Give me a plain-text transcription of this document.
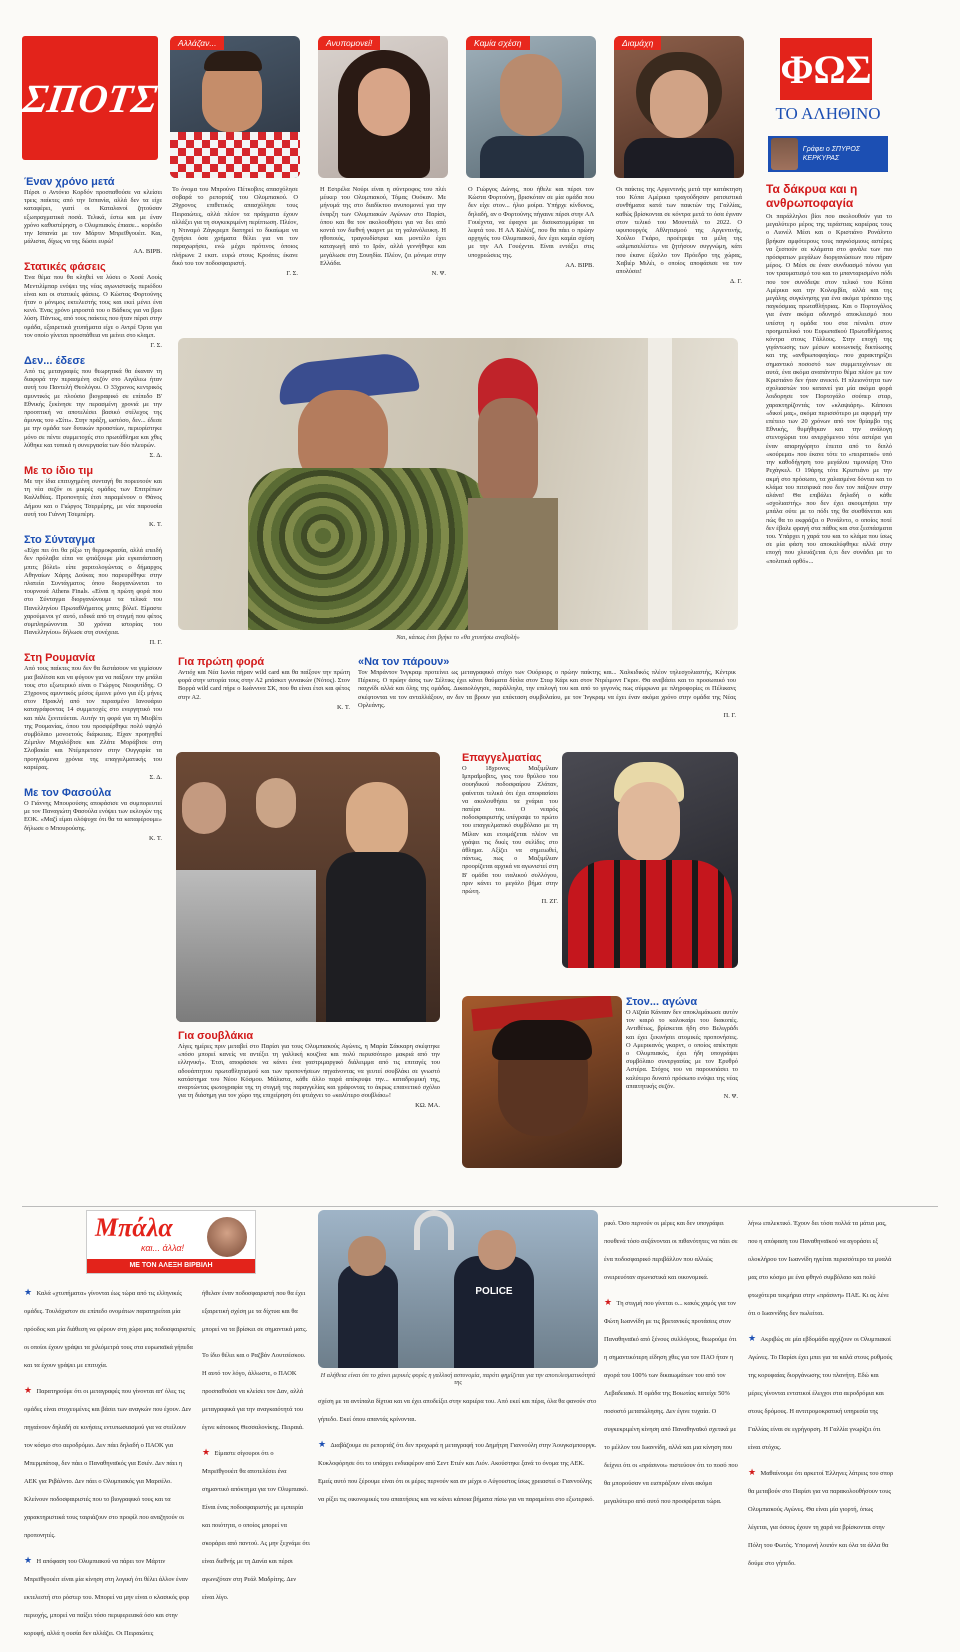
ΣΠΟΤΣ
Αλλάζαν...	Ανυπομονεί!	Καμία σχέση	Διαμάχη
ΦΩΣ
ΤΟ ΑΛΗΘΙΝΟ
Γράφει ο ΣΠΥΡΟΣ ΚΕΡΚΥΡΑΣ
Το όνομα του Μπρούνο Πέτκοβιτς απασχόλησε σοβαρά το ρεπορτάζ του Ολυμπιακού. Ο 29χρονος επιθετικός απασχόλησε τους Πειραιώτες, αλλά πλέον τα πράγματα έχουν αλλάξει για τη συγκεκριμένη περίπτωση. Πλέον, η Ντιναμό Ζάγκρεμπ διατηρεί το δικαίωμα να ζητήσει όσα χρήματα θέλει για να τον παραχωρήσει, ενώ μέχρι πρότινος όποιος πλήρωνε 2 εκατ. ευρώ στους Κροάτες έκανε δικό του τον ποδοσφαιριστή.
Γ. Σ.
Η Εστρέλα Νούρι είναι η σύντροφος του πλέι μέικερ του Ολυμπιακού, Τόμας Ουόκαν. Με μήνυμά της στο διαδίκτυο ανυπομονεί για την έναρξη των Ολυμπιακών Αγώνων στο Παρίσι, όπου και θα τον ακολουθήσει για να δει από κοντά τον διεθνή γκαρντ με τη γαλανόλευκη. Η ηθοποιός, τραγουδίστρια και μοντέλο έχει καταγωγή από το Ιράν, αλλά γεννήθηκε και μεγάλωσε στη Σουηδία. Πλέον, ζει μόνιμα στην Ελλάδα.
Ν. Ψ.
Ο Γιώργος Δώνης, που ήθελε και πέρσι τον Κώστα Φορτούνη, βρισκόταν σε μία ομάδα που δεν είχε στον... ήλιο μοίρα. Υπήρχε κίνδυνος, δηλαδή, αν ο Φορτούνης πήγαινε πέρσι στην ΑΛ Γουέχντα, να έφαχνε με δισεκατομμύρια τα λεφτά του. Η ΑΛ Καλίτζ, που θα πάει ο πρώην αρχηγός του Ολυμπιακού, δεν έχει καμία σχέση με την ΑΛ Γουέχντα. Είναι εντάξει στις υποχρεώσεις της.
ΑΛ. ΒΙΡΒ.
Οι παίκτες της Αργεντινής μετά την κατάκτηση του Κόπα Αμέρικα τραγούδησαν ρατσιστικά συνθήματα κατά των παικτών της Γαλλίας, καθώς βρίσκονται σε κόντρα μετά το όσα έγιναν στον τελικό του Μουντιάλ το 2022. Ο υφυπουργός Αθλητισμού της Αργεντινής, Χούλιο Γκάρο, προέτρεψε τα μέλη της «αλμπισελέστε» να ζητήσουν συγγνώμη, κάτι που έκανε έξαλλο τον Πρόεδρο της χώρας, Χαβιέρ Μιλέι, ο οποίος αποφάσισε να τον απολύσει!
Δ. Γ.
Έναν χρόνο μετά
Πέρσι ο Αντόνιο Κορδόν προσπαθούσε να κλείσει τρεις παίκτες από την Ισπανία, αλλά δεν τα είχε καταφέρει, γιατί οι Καταλανοί ζητούσαν εξωπραγματικά ποσά. Τελικά, έστω και με έναν χρόνο καθυστέρηση, ο Ολυμπιακός έπιασε... κορόιδο την Ισπανία με τον Μάρτιν Μπρεϊθγουέιτ. Και, μάλιστα, δίχως να της δώσει ευρώ!
ΑΛ. ΒΙΡΒ.
Στατικές φάσεις
Ένα θέμα που θα κληθεί να λύσει ο Χοσέ Λουίς Μεντιλίμπαρ ενόψει της νέας αγωνιστικής περιόδου είναι και οι στατικές φάσεις. Ο Κώστας Φορτούνης ήταν ο μόνιμος εκτελεστής τους και εκεί μένει ένα κενό. Ένας χρόνο μπροστά του ο Βάδκος για να βρει λύση. Πάντως, από τους παίκτες που ήταν πέρσι στην ομάδα, εξαιρετικά χτυπήματα είχε ο Αντρέ Όρτα για τον οποίο γίνεται προσπάθεια να μείνει στο κλαμπ.
Γ. Σ.
Δεν... έδεσε
Από τις μεταγραφές που θεωρητικά θα έκαναν τη διαφορά την περασμένη σεζόν στο Αιγάλεω ήταν αυτή του Παντελή Θεολόγου. Ο 33χρονος κεντρικός αμυντικός με πλούσιο βιογραφικό σε επίπεδο Β' Εθνικής ξεκίνησε την περασμένη χρονιά με την προοπτική να αποτελέσει βασικό στέλεχος της άμυνας του «Σίτι». Στην πράξη, ωστόσο, δεν... έδεσε με την ομάδα των δυτικών προαστίων, περιορίστηκε μόνο σε πέντε συμμετοχές στο πρωτάθλημα και χθες λύθηκε και τυπικά η συνεργασία των δύο πλευρών.
Σ. Δ.
Με το ίδιο τιμ
Με την ίδια επιτυχημένη συνταγή θα πορευτούν και τη νέα σεζόν οι μικρές ομάδες των Επιτρέπων Καλλιθέας. Προπονητές έτσι παραμένουν ο Θάνος Δήμου και ο Γιώργος Τσερμέρης, με νέα παρουσία αυτή του Γιάννη Τσεμπέρη.
Κ. Τ.
Στο Σύνταγμα
«Είχα πει ότι θα ρίξω τη θερμοκρασία, αλλά επειδή δεν πρόλαβα είπα να φτιάξουμε μία εγκατάσταση μπιτς βόλεϊ» είπε χαριτολογώντας ο δήμαρχος Αθηναίων Χάρης Δούκας που παρευρέθηκε στην πλατεία Συντάγματος όπου διοργανώνεται το τουρνουά Athens Finals. «Είναι η πρώτη φορά που στο Σύνταγμα διοργανώνουμε τα τελικά του Πανελληνίου Πρωταθλήματος μπιτς βόλεϊ. Είμαστε χαρούμενοι γι' αυτό, ειδικά από τη στιγμή που φέτος συμπληρώνονται 30 χρόνια ιστορίας του Πανελληνίου» δήλωσε στη συνέχεια.
Π. Γ.
Στη Ρουμανία
Από τους παίκτες που δεν θα διστάσουν να γεμίσουν μια βαλίτσα και να φύγουν για να παίξουν την μπάλα τους στο εξωτερικό είναι ο Γιώργος Νεοφυτίδης. Ο 23χρονος αμυντικός μέσος έμεινε μόνο για έξι μήνες στον Ηρακλή από τον περασμένο Ιανουάριο καταγράφοντας 14 συμμετοχές στο ενεργητικό του και πάλι ξενιτεύεται. Αυτήν τη φορά για τη Μιοβέτι της Ρουμανίας, όπου του προσφέρθηκε πολύ υψηλό συμβόλαιο μονοετούς διάρκειας. Είχαν προηγηθεί Ζέμπλιν Μιχαλόβτσε και Ζλάτε Μοράβτσε στη Σλοβακία και Ντέμπρετσεν στην Ουγγαρία τα προηγούμενα χρόνια της επαγγελματικής του καριέρας.
Σ. Δ.
Με τον Φασούλα
Ο Γιάννης Μπουρούσης αποφάσισε να συμπορευτεί με τον Παναγιώτη Φασούλα ενόψει των εκλογών της ΕΟΚ. «Μαζί είμαι ολόψυχα ότι θα τα καταφέρουμε» δήλωσε ο Μπουρούσης.
Κ. Τ.
Ναι, κάπως έτσι βγήκε το «θα χτυπήσω αναβολή»
Για πρώτη φορά
Αντιόχ και Νέα Ιωνία πήραν wild card και θα παίξουν την πρώτη φορά στην ιστορία τους στην Α2 μπάσκετ γυναικών (Νότος). Στον Βορρά wild card πήρε ο Ιωάννινα ΣΚ, που θα είναι έτσι και φέτος στην Α2.
Κ. Τ.
«Να τον πάρουν»
Τον Μπράντον Ίνγκραμ προτείνει ως μεταγραφικό στόχο των Ουόριορς ο πρώην παίκτης και... Χαλκιδικός πλέον τηλεσχολιαστής, Κέντρικ Πέρκινς. Ο πρώην άσος των Σέλτικς έχει κάνει θαύματα δίπλα στον Στεφ Κάρι και στον Ντρέιμοντ Γκριν. Θα ανεβάσει και το προσωπικό του παιχνίδι αλλά και όλης της ομάδας. Δικαιολόγησε, παράλληλα, την επιλογή του και από το γεγονός πως σύμφωνα με πληροφορίες οι Πέλικανς σκέφτονται να τον ανταλλάξουν, αν δεν τα βρουν για επέκταση συμβολαίου, με τον Ίνγκραμ να έχει έναν ακόμα χρόνο στην ομάδα της Νέας Ορλεάνης.
Π. Γ.
Επαγγελματίας
Ο 18χρονος Μαξιμίλιαν Ιμπραΐμοβιτς, γιος του θρύλου του σουηδικού ποδοσφαίρου Ζλάταν, φαίνεται τελικά ότι έχει αποφασίσει να ακολουθήσει τα χνάρια του πατέρα του. Ο νεαρός ποδοσφαιριστής υπέγραψε το πρώτο του επαγγελματικό συμβόλαιο με τη Μίλαν και ετοιμάζεται πλέον να γράψει τις δικές του σελίδες στο άθλημα. Αξίζει να σημειωθεί, πάντως, πως ο Μαξιμίλιαν προορίζεται αρχικά να αγωνιστεί στη Β' ομάδα του ιταλικού συλλόγου, πριν κάνει το μεγάλο βήμα στην πρώτη.
Π. ΖΓ.
Για σουβλάκια
Λίγες ημέρες πριν μεταβεί στο Παρίσι για τους Ολυμπιακούς Αγώνες, η Μαρία Σάκκαρη σκέφτηκε «πόσο μπορεί κανείς να αντέξει τη γαλλική κουζίνα και πολύ περισσότερο μακριά από την ελληνική». Έτσι, αποφάσισε να κάνει ένα γαστριμαργικό διάλειμμα από τις επιταγές του αδουάπτητου πρωταθλητισμού και των προπονήσεων πηγαίνοντας να γευτεί σουβλάκι σε γνωστό κατάστημα του Νέου Κόσμου. Μάλιστα, κάθε άλλο παρά απέκρυψε την... καταδρομική της, αναρτώντας φωτογραφία της τη στιγμή της παραγγελίας και γράφοντας το άκρως επαινετικό σχόλιο για τη διάσημη για τον χώρο της επιχείρηση ότι φτιάχνει το «καλύτερο σουβλάκι»!
ΚΩ. ΜΑ.
Στον... αγώνα
Ο Αϊζαία Κάνααν δεν αποκλιμάκωσε αυτόν τον καιρό το καλοκαίρι του διακοπές. Αντιθέτως, βρίσκεται ήδη στο Βελιγράδι και έχει ξεκινήσει ατομικές προπονήσεις. Ο Αμερικανός γκαρντ, ο οποίος απέκτησε ο Ολυμπιακός, έχει ήδη υπογράψει συμβόλαιο συνεργασίας με τον Ερυθρό Αστέρα. Στόχος του να παρουσιάσει το καλύτερο δυνατό πρόσωπο ενόψει της νέας απαιτητικής σεζόν.
Ν. Ψ.
Τα δάκρυα και η ανθρωποφαγία
Οι παράλληλοι βίοι που ακολουθούν για το μεγαλύτερο μέρος της τεράστιας καριέρας τους ο Λιονέλ Μέσι και ο Κριστιάνο Ρονάλντο βρήκαν αμφότερους τους παγκόσμιους αστέρες να ξεσπούν σε κλάματα στο φινάλε των πιο πρόσφατων μεγάλων διοργανώσεων που πήραν μέρος. Ο Μέσι σε έναν συνδυασμό πόνου για τον τραυματισμό του και το μπανταρισμένο πόδι που τον συνόδεψε στον τελικό του Κόπα Αμέρικα και την Κολομβία, αλλά και της μεγάλης συγκίνησης για ένα ακόμα τρόπαιο της παγκόσμιας πρωταθλήτριας. Και ο Πορτογάλος για έναν ακόμα οδυνηρό αποκλεισμό που υπέστη η ομάδα του στα πέναλτι στον προημιτελικό του Ευρωπαϊκού Πρωταθλήματος κόντρα στους Γάλλους. Στην εποχή της γιγάντωσης των μέσων κοινωνικής δικτύωσης και της «ανθρωποφαγίας» που χαρακτηρίζει σημαντικό ποσοστό των συμμετεχόντων σε αυτά, ένα ακόμα αναπάντητο θέμα πλέον με τον Κριστιάνο δεν ήταν ανεκτό. Η πλειονότητα των σχολιαστών του κατανεί για μία ακόμα φορά λοιδορησε τον Πορτογάλο σούπερ σταρ, χαρακτηρίζοντάς τον «κλαψιάρη». Κάποιοι «δικοί μας», ακόμα περισσότερο με αφορμή την επέτειο των 20 χρόνων από τον θρίαμβο της Εθνικής, θυμήθηκαν και την ανάλογη στενοχώρια του ανερχόμενου τότε αστέρα για έναν απαρηγόρητο έπειτα από το διπλό «κούρεμα» που έκανε τότε το «πειρατικό» υπό την καθοδήγηση του μεγάλου τιμονιέρη Ότο Ρεχάγκελ. Ο 19άρης τότε Κριστιάνο με την ακμή στο πρόσωπο, τα χαλασμένα δόντια και το κλάμα του πιτσιρικά που δεν τον παίζουν στην αλάνα! Θα επιβάλει δηλαδή ο κάθε «σχολιαστής» που δεν έχει ακουμπήσει την μπάλα ούτε με το πόδι της θα συσθάνεται και πώς θα το εκφράζει ο Ρονάλντο, ο οποίος ποτέ δεν έβαλε φραγή στα πάθος και στα ξεσπάσματα του. Υπάρχει η χαρά του και το κλάμα που ίσως σε μία φάση του αποκαλύφθηκε αλλά στην εποχή που χλευάζεται ό,τι δεν συνάδει με το «πολιτικά ορθό»...
Μπάλα
και... άλλα!
ΜΕ ΤΟΝ ΑΛΕΞΗ ΒΙΡΒΙΛΗ
POLICE
Η αλήθεια είναι ότι το χάνει μερικές φορές η γαλλική αστυνομία, παρότι φημίζεται για την αποτελεσματικότητά της
★ Καλά «χτυπήματα» γίνονται έως τώρα από τις ελληνικές ομάδες. Τουλάχιστον σε επίπεδο ονομάτων παρατηρείται μία πρόοδος και μία διάθεση να φέρουν στη χώρα μας ποδοσφαιριστές οι οποίοι έχουν γράψει τα χιλιόμετρά τους στα ευρωπαϊκά γήπεδα και τα έχουν γράψει με επιτυχία.
★ Παρατηρούμε ότι οι μεταγραφές που γίνονται απ' όλες τις ομάδες είναι στοχευμένες και βάσει των αναγκών που έχουν. Δεν πηγαίνουν δηλαδή σε κινήσεις εντυπωσιασμού για να στείλουν τον κόσμο στο αεροδρόμιο. Δεν πάει δηλαδή ο ΠΑΟΚ για Μπερμπάτοφ, δεν πάει ο Παναθηναϊκός για Εσιέν. Δεν πάει η ΑΕΚ για Ριβάλντο. Δεν πάει ο Ολυμπιακός για Μαρσέλο. Κλείνουν ποδοσφαιριστές που το βιογραφικό τους και τα χαρακτηριστικά τους ταιριάζουν στο προφίλ που αναζητούν οι προπονητές.
★ Η απόφαση του Ολυμπιακού να πάρει τον Μάρτιν Μπρεϊθγουέιτ είναι μία κίνηση στη λογική ότι θέλει άλλον έναν εκτελεστή στο ρόστερ του. Μπορεί να μην είναι ο κλασικός φορ περιοχής, μπορεί να παίξει τόσο περιφερειακά όσο και στην κορυφή, αλλά η ουσία δεν αλλάζει. Οι Πειραιώτες
ήθελαν έναν ποδοσφαιριστή που θα έχει εξαιρετική σχέση με τα δίχτυα και θα μπορεί να τα βρίσκει σε σημαντικά ματς.
Το ίδιο θέλει και ο Ραζβάν Λουτσέσκου. Η αυτό τον λόγο, άλλωστε, ο ΠΑΟΚ προσπαθούσε να κλείσει τον Δαν, αλλά μεταγραφικά για την αναγκαιότητά του έγινε κάτοικος Θεσσαλονίκης. Πειραιά.
★ Είμαστε σίγουροι ότι ο Μπρεϊθγουέιτ θα αποτελέσει ένα σημαντικό απόκτημα για τον Ολυμπιακό. Είναι ένας ποδοσφαιριστής με εμπειρία και ποιότητα, ο οποίος μπορεί να σκοράρει από παντού. Ας μην ξεχνάμε ότι είναι διεθνής με τη Δανία και πέρσι αγωνιζόταν στη Ρεάλ Μαδρίτης. Δεν είναι λίγο.
σχέση με τα αντίπαλα δίχτυα και να έχει αποδείξει στην καριέρα του. Από εκεί και πέρα, όλα θα φανούν στο γήπεδο. Εκεί όπου απαντάς κρίνονται.
★ Διαβάζουμε σε ρεπορτάζ ότι δεν προχωρά η μεταγραφή του Δημήτρη Γιαννούλη στην Άουγκσμπουργκ. Κυκλοφόρησε ότι το υπάρχει ενδιαφέρον από Σεντ Ετιέν και Λιόν. Ακούστηκε ξανά το όνομα της ΑΕΚ. Εμείς αυτό που ξέρουμε είναι ότι οι μέρες περνούν και αν μέχρι ο Αύγουστος ίσως χρειαστεί ο Γιαννούλης να ρίξει τις οικονομικές του απαιτήσεις και να κάνει κάποια βήματα πίσω για να παραμείνει στο εξωτερικό.
ρικό. Όσο περνούν οι μέρες και δεν υπογράφει πουθενά τόσο αυξάνονται οι πιθανότητες να πάει σε ένα ποδοσφαιρικό περιβάλλον που αλλιώς ονειρευόταν αγωνιστικά και οικονομικά.
★ Τη στιγμή που γίνεται ο... κακός χαμός για τον Φώτη Ιωαννίδη με τις βρετανικές προτάσεις στον Παναθηναϊκό από ξένους συλλόγους, θεωρούμε ότι η σημαντικότερη είδηση χθες για τον ΠΑΟ ήταν η αγορά του 100% των δικαιωμάτων του από τον Λεβαδειακό. Η ομάδα της Βοιωτίας κατείχε 50% ποσοστό μεταπώλησης. Δεν έγινε τυχαία. Ο συγκεκριμένη κίνηση από Παναθηναϊκό σχετικά με το μέλλον του Ιωαννίδη, αλλά και μια κίνηση που δείχνει ότι οι «πράσινοι» πιστεύουν ότι το ποσό που θα μπορούσαν να εισπράξουν είναι ακόμα μεγαλύτερο από αυτό που προσφέρεται τώρα.
λήνω επιλεκτικό. Έχουν δει τόσα πολλά τα μάτια μας, που η απόφαση του Παναθηναϊκού να αγοράσει εξ ολοκλήρου τον Ιωαννίδη ηγείται περισσότερο τα μυαλά μας στο κόσμο με ένα φθηνό συμβόλαιο και πολύ φτωχότερα τεκμήρια στην «πράσινη» ΠΑΕ. Κι ας λένε ότι ο Ιωαννίδης δεν πωλείται.
★ Ακριβώς σε μία εβδομάδα αρχίζουν οι Ολυμπιακοί Αγώνες. Το Παρίσι έχει μπει για τα καλά στους ρυθμούς της κορυφαίας διοργάνωσης του πλανήτη. Εδώ και μέρες γίνονται εντατικοί έλεγχοι στα αεροδρόμια και στους δρόμους. Η αντιτρομοκρατική υπηρεσία της Γαλλίας είναι σε εγρήγορση. Η Γαλλία γνωρίζει ότι είναι στόχος.
★ Μαθαίνουμε ότι αρκετοί Έλληνες λάτρεις του σπορ θα μεταβούν στο Παρίσι για να παρακολουθήσουν τους Ολυμπιακούς Αγώνες. Θα είναι μία γιορτή, όπως λέγεται, για όσους έχουν τη χαρά να βρίσκονται στην Πόλη του Φωτός. Υπομονή λοιπόν και όλα τα άλλα θα δούμε στο γήπεδο.
